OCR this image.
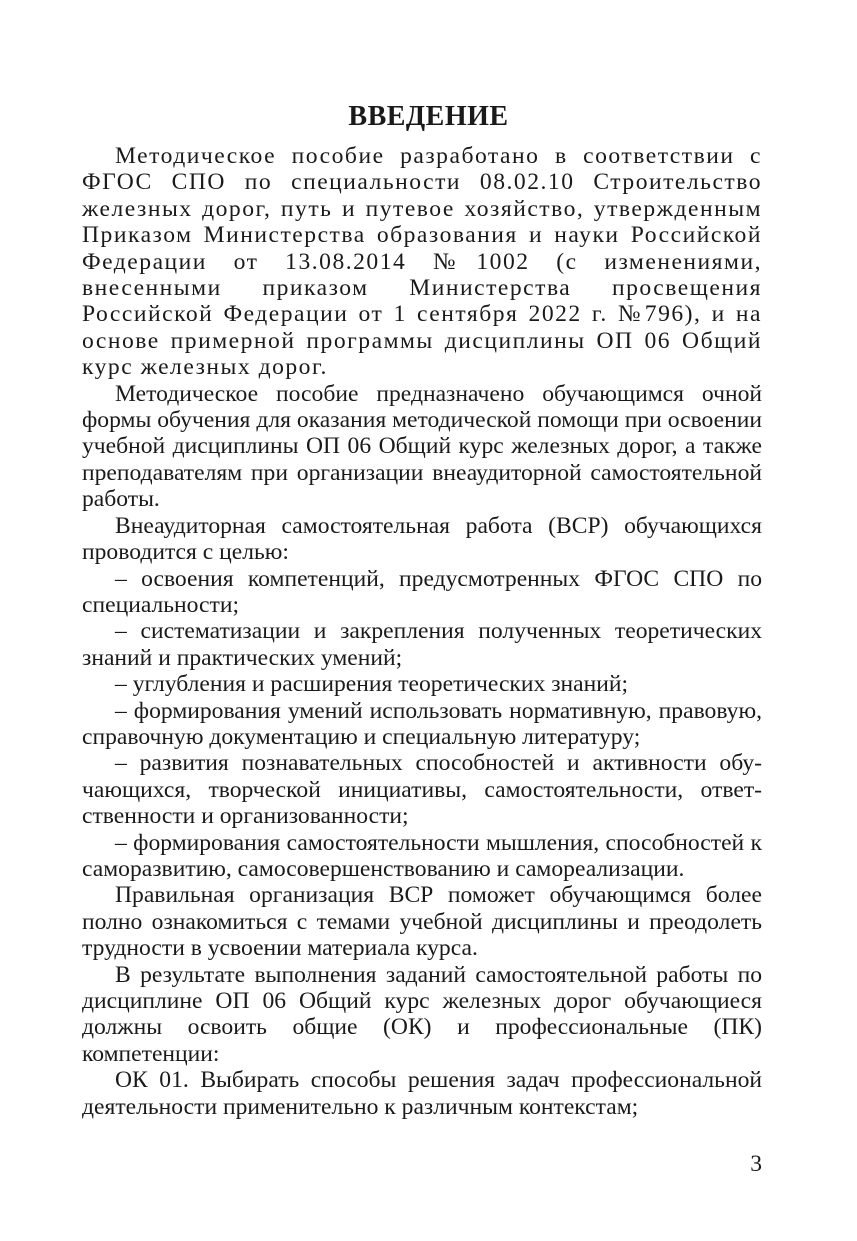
ВВЕДЕНИЕ

Методическое пособие разработано в соответствии с ФГОС СПО по специальности 08.02.10 Строительство железных дорог, путь и путевое хозяйство, утвержденным Приказом Министерства образования и науки Российской Федерации от 13.08.2014 №1002 (с изменениями, внесенными приказом Министерства просвещения Российской Федерации от 1 сентября 2022 г. №796), и на основе примерной программы дисциплины ОП 06 Общий курс железных дорог.

Методическое пособие предназначено обучающимся очной формы обучения для оказания методической помощи при освоении учебной дисциплины ОП 06 Общий курс железных дорог, а также преподавателям при организации внеаудиторной самостоятельной работы.

Внеаудиторная самостоятельная работа (ВСР) обучающихся проводится с целью:

– освоения компетенций, предусмотренных ФГОС СПО по специальности;

– систематизации и закрепления полученных теоретических знаний и практических умений;

– углубления и расширения теоретических знаний;

– формирования умений использовать нормативную, правовую, справочную документацию и специальную литературу;

– развития познавательных способностей и активности обучающихся, творческой инициативы, самостоятельности, ответственности и организованности;

– формирования самостоятельности мышления, способностей к саморазвитию, самосовершенствованию и самореализации.

Правильная организация ВСР поможет обучающимся более полно ознакомиться с темами учебной дисциплины и преодолеть трудности в усвоении материала курса.

В результате выполнения заданий самостоятельной работы по дисциплине ОП 06 Общий курс железных дорог обучающиеся должны освоить общие (ОК) и профессиональные (ПК) компетенции:

ОК 01. Выбирать способы решения задач профессиональной деятельности применительно к различным контекстам;

3
